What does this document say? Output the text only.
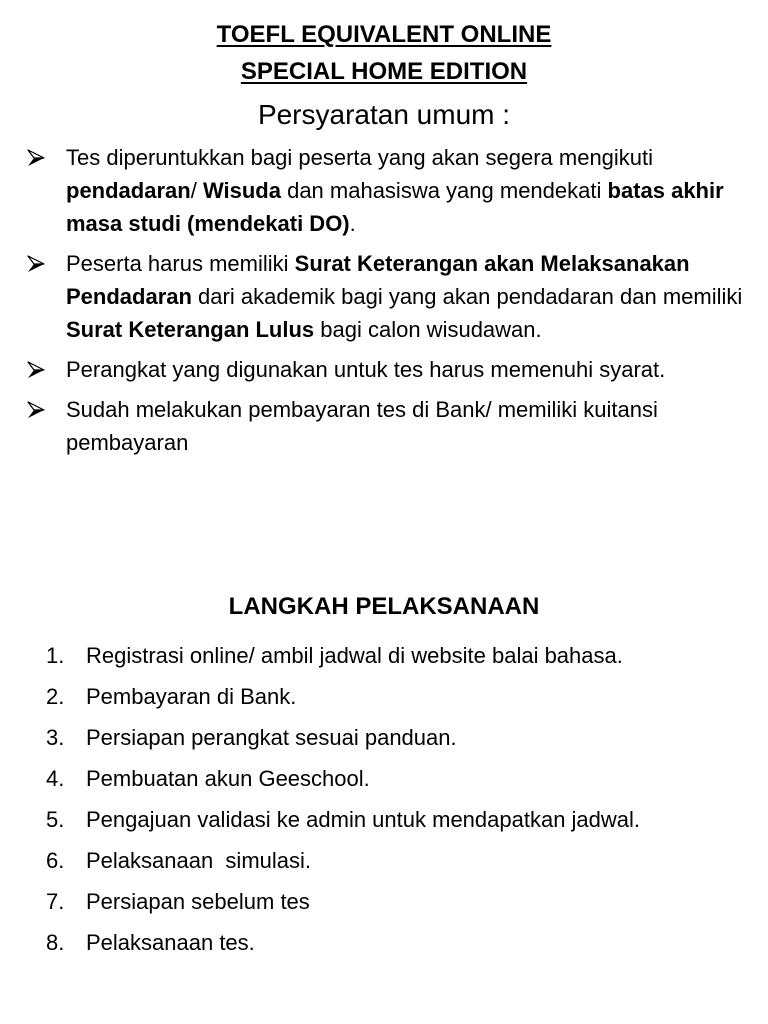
TOEFL EQUIVALENT ONLINE
SPECIAL HOME EDITION
Persyaratan umum :
Tes diperuntukkan bagi peserta yang akan segera mengikuti pendadaran/ Wisuda dan mahasiswa yang mendekati batas akhir masa studi (mendekati DO).
Peserta harus memiliki Surat Keterangan akan Melaksanakan Pendadaran dari akademik bagi yang akan pendadaran dan memiliki Surat Keterangan Lulus bagi calon wisudawan.
Perangkat yang digunakan untuk tes harus memenuhi syarat.
Sudah melakukan pembayaran tes di Bank/ memiliki kuitansi pembayaran
LANGKAH PELAKSANAAN
1. Registrasi online/ ambil jadwal di website balai bahasa.
2. Pembayaran di Bank.
3. Persiapan perangkat sesuai panduan.
4. Pembuatan akun Geeschool.
5. Pengajuan validasi ke admin untuk mendapatkan jadwal.
6. Pelaksanaan  simulasi.
7. Persiapan sebelum tes
8. Pelaksanaan tes.
